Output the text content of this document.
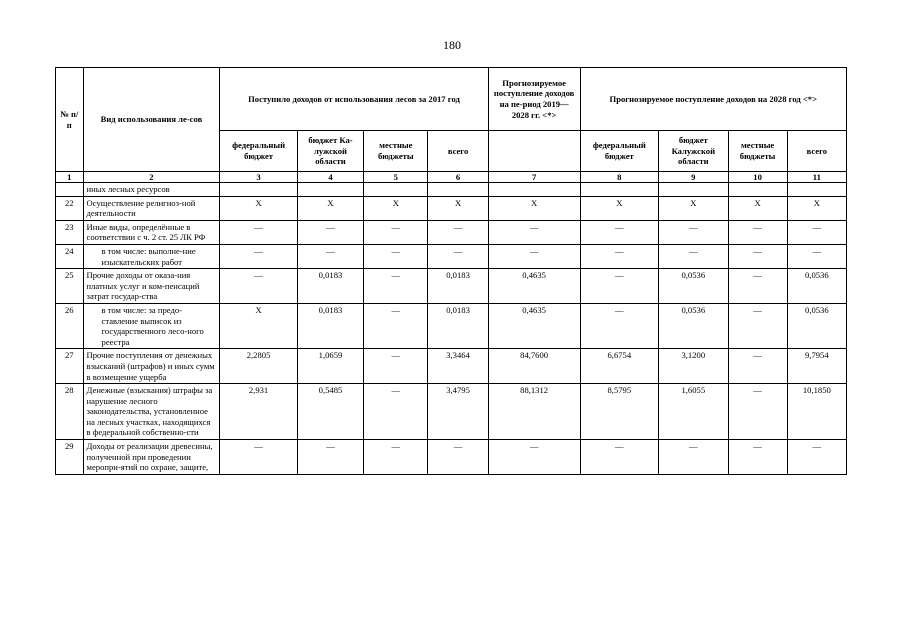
180
№ п/п	Вид использования ле-сов	Поступило доходов от использования лесов за 2017 год				Прогнозируемое поступление доходов на пе-риод 2019—2028 гг. <*>	Прогнозируемое поступление доходов на 2028 год <*>			
		федеральный бюджет	бюджет Ка-лужской области	местные бюджеты	всего		федеральный бюджет	бюджет Калужской области	местные бюджеты	всего
1	2	3	4	5	6	7	8	9	10	11
	иных лесных ресурсов									
22	Осуществление религиоз-ной деятельности	X	X	X	X	X	X	X	X	X
23	Иные виды, определённые в соответствии с ч. 2 ст. 25 ЛК РФ	—	—	—	—	—	—	—	—	—
24	в том числе: выполне-ние изыскательских работ	—	—	—	—	—	—	—	—	—
25	Прочие доходы от оказа-ния платных услуг и ком-пенсаций затрат государ-ства	—	0,0183	—	0,0183	0,4635	—	0,0536	—	0,0536
26	в том числе: за предо-ставление выписок из государственного лесо-ного реестра	X	0,0183	—	0,0183	0,4635	—	0,0536	—	0,0536
27	Прочие поступления от денежных взысканий (штрафов) и иных сумм в возмещение ущерба	2,2805	1,0659	—	3,3464	84,7600	6,6754	3,1200	—	9,7954
28	Денежные (взыскания) штрафы за нарушение лесного законодательства, установленное на лесных участках, находящихся в федеральной собственно-сти	2,931	0,5485	—	3,4795	88,1312	8,5795	1,6055	—	10,1850
29	Доходы от реализации древесины, полученной при проведении меропри-ятий по охране, защите,	—	—	—	—	—	—	—	—	—
